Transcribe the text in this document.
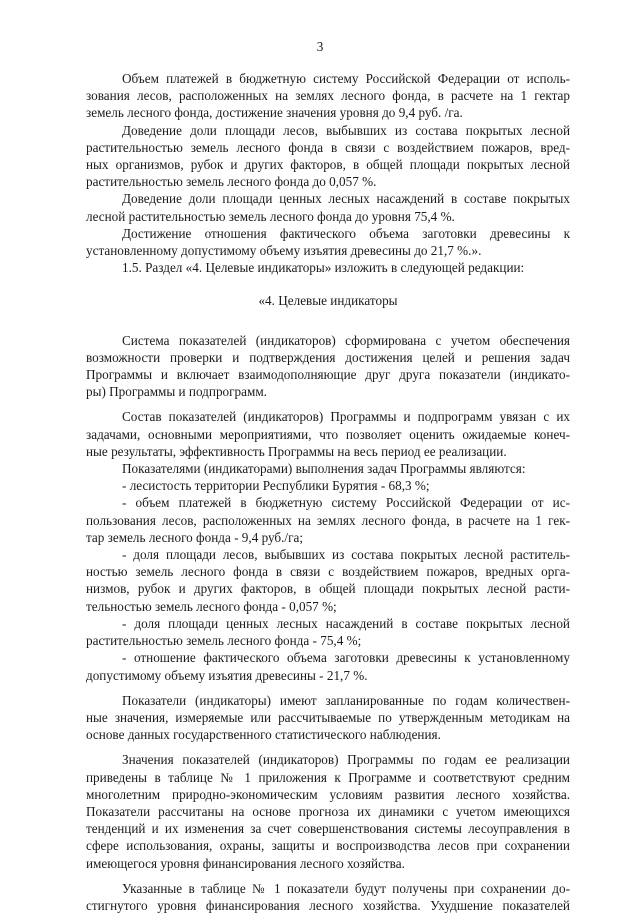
3
Объем платежей в бюджетную систему Российской Федерации от исполь-
зования лесов, расположенных на землях лесного фонда, в расчете на 1 гектар
земель лесного фонда, достижение значения уровня до 9,4 руб. /га.
Доведение доли площади лесов, выбывших из состава покрытых лесной
растительностью земель лесного фонда в связи с воздействием пожаров, вред-
ных организмов, рубок и других факторов, в общей площади покрытых лесной
растительностью земель лесного фонда до 0,057 %.
Доведение доли площади ценных лесных насаждений в составе покрытых
лесной растительностью земель лесного фонда до уровня 75,4 %.
Достижение отношения фактического объема заготовки древесины к
установленному допустимому объему изъятия древесины до 21,7 %.».
1.5. Раздел «4. Целевые индикаторы» изложить в следующей редакции:
«4. Целевые индикаторы
Система показателей (индикаторов) сформирована с учетом обеспечения
возможности проверки и подтверждения достижения целей и решения задач
Программы и включает взаимодополняющие друг друга показатели (индикато-
ры) Программы и подпрограмм.
Состав показателей (индикаторов) Программы и подпрограмм увязан с их
задачами, основными мероприятиями, что позволяет оценить ожидаемые конеч-
ные результаты, эффективность Программы на весь период ее реализации.
Показателями (индикаторами) выполнения задач Программы являются:
- лесистость территории Республики Бурятия - 68,3 %;
- объем платежей в бюджетную систему Российской Федерации от ис-
пользования лесов, расположенных на землях лесного фонда, в расчете на 1 гек-
тар земель лесного фонда - 9,4 руб./га;
- доля площади лесов, выбывших из состава покрытых лесной раститель-
ностью земель лесного фонда в связи с воздействием пожаров, вредных орга-
низмов, рубок и других факторов, в общей площади покрытых лесной расти-
тельностью земель лесного фонда - 0,057 %;
- доля площади ценных лесных насаждений в составе покрытых лесной
растительностью земель лесного фонда - 75,4 %;
- отношение фактического объема заготовки древесины к установленному
допустимому объему изъятия древесины - 21,7 %.
Показатели (индикаторы) имеют запланированные по годам количествен-
ные значения, измеряемые или рассчитываемые по утвержденным методикам на
основе данных государственного статистического наблюдения.
Значения показателей (индикаторов) Программы по годам ее реализации
приведены в таблице № 1 приложения к Программе и соответствуют средним
многолетним природно-экономическим условиям развития лесного хозяйства.
Показатели рассчитаны на основе прогноза их динамики с учетом имеющихся
тенденций и их изменения за счет совершенствования системы лесоуправления в
сфере использования, охраны, защиты и воспроизводства лесов при сохранении
имеющегося уровня финансирования лесного хозяйства.
Указанные в таблице № 1 показатели будут получены при сохранении до-
стигнутого уровня финансирования лесного хозяйства. Ухудшение показателей
